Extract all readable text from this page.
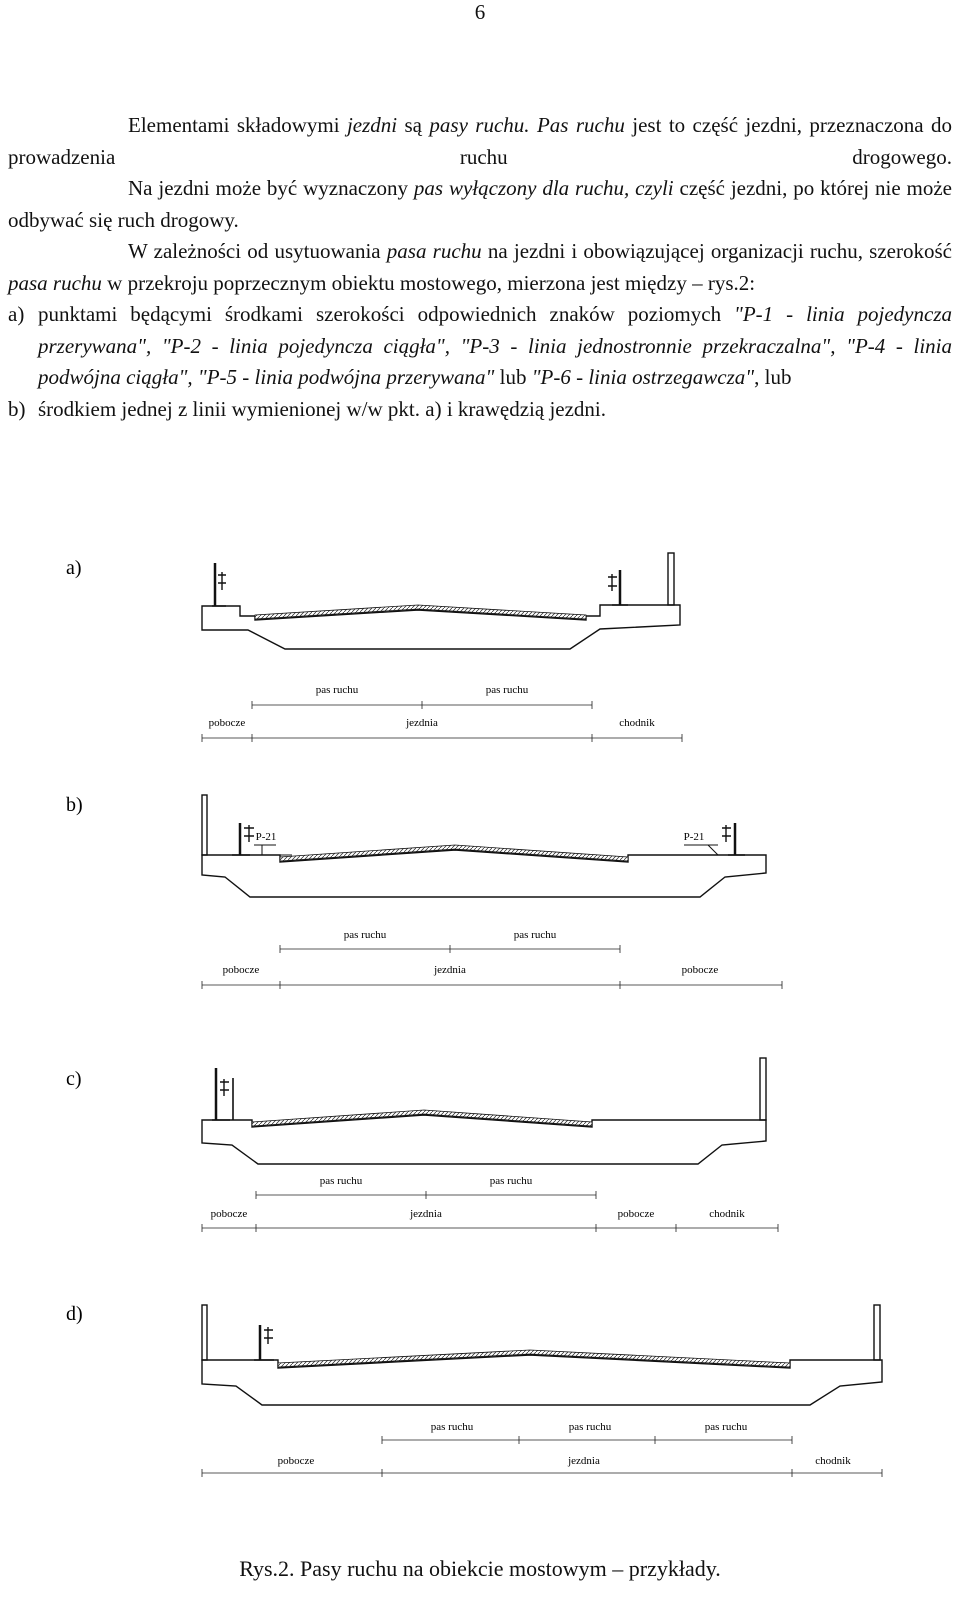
6

Elementami składowymi jezdni są pasy ruchu. Pas ruchu jest to część jezdni, przeznaczona do prowadzenia ruchu drogowego.

Na jezdni może być wyznaczony pas wyłączony dla ruchu, czyli część jezdni, po której nie może odbywać się ruch drogowy.

W zależności od usytuowania pasa ruchu na jezdni i obowiązującej organizacji ruchu, szerokość pasa ruchu w przekroju poprzecznym obiektu mostowego, mierzona jest między – rys.2:

a) punktami będącymi środkami szerokości odpowiednich znaków poziomych "P-1 - linia pojedyncza przerywana", "P-2 - linia pojedyncza ciągła", "P-3 - linia jednostronnie przekraczalna", "P-4 - linia podwójna ciągła", "P-5 - linia podwójna przerywana" lub "P-6 - linia ostrzegawcza", lub
b) środkiem jednej z linii wymienionej w/w pkt. a) i krawędzią jezdni.
a)
pas ruchu	pas ruchu
pobocze	jezdnia	chodnik
b)
P-21	P-21
pas ruchu	pas ruchu
pobocze	jezdnia	pobocze
c)
pas ruchu	pas ruchu
pobocze	jezdnia	pobocze	chodnik
d)
pas ruchu	pas ruchu	pas ruchu
pobocze	jezdnia	chodnik
Rys.2. Pasy ruchu na obiekcie mostowym – przykłady.
